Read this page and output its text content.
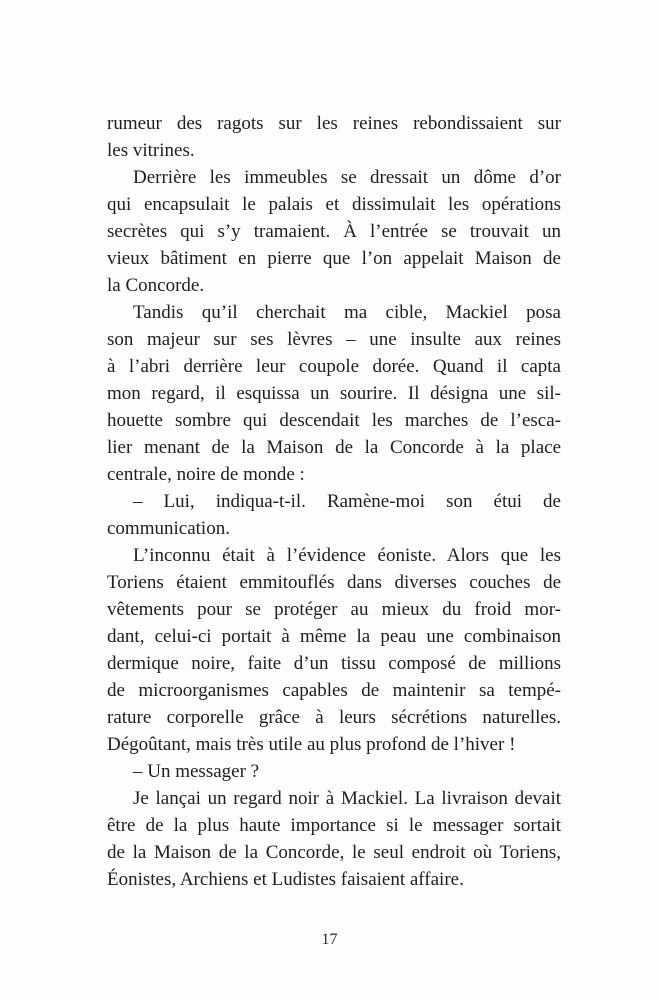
rumeur des ragots sur les reines rebondissaient sur
les vitrines.
Derrière les immeubles se dressait un dôme d’or
qui encapsulait le palais et dissimulait les opérations
secrètes qui s’y tramaient. À l’entrée se trouvait un
vieux bâtiment en pierre que l’on appelait Maison de
la Concorde.
Tandis qu’il cherchait ma cible, Mackiel posa
son majeur sur ses lèvres – une insulte aux reines
à l’abri derrière leur coupole dorée. Quand il capta
mon regard, il esquissa un sourire. Il désigna une sil-
houette sombre qui descendait les marches de l’esca-
lier menant de la Maison de la Concorde à la place
centrale, noire de monde :
– Lui, indiqua-t-il. Ramène-moi son étui de
communication.
L’inconnu était à l’évidence éoniste. Alors que les
Toriens étaient emmitouflés dans diverses couches de
vêtements pour se protéger au mieux du froid mor-
dant, celui-ci portait à même la peau une combinaison
dermique noire, faite d’un tissu composé de millions
de microorganismes capables de maintenir sa tempé-
rature corporelle grâce à leurs sécrétions naturelles.
Dégoûtant, mais très utile au plus profond de l’hiver !
– Un messager ?
Je lançai un regard noir à Mackiel. La livraison devait
être de la plus haute importance si le messager sortait
de la Maison de la Concorde, le seul endroit où Toriens,
Éonistes, Archiens et Ludistes faisaient affaire.
17
